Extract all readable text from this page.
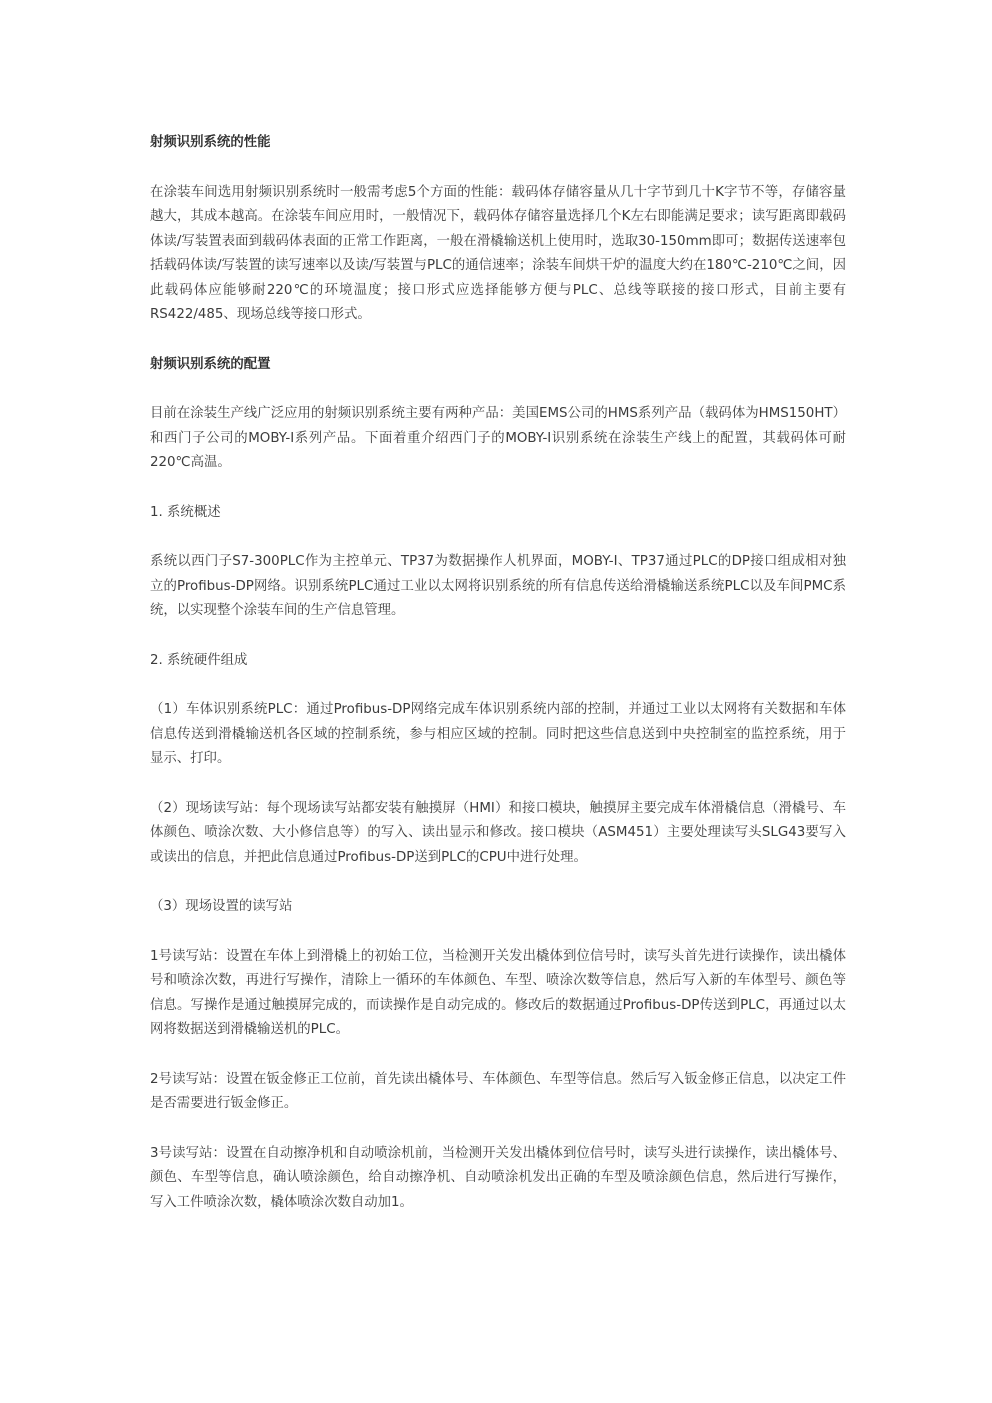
射频识别系统的性能

在涂装车间选用射频识别系统时一般需考虑5个方面的性能：载码体存储容量从几十字节到几十K字节不等，存储容量越大，其成本越高。在涂装车间应用时，一般情况下，载码体存储容量选择几个K左右即能满足要求；读写距离即载码体读/写装置表面到载码体表面的正常工作距离，一般在滑橇输送机上使用时，选取30-150mm即可；数据传送速率包括载码体读/写装置的读写速率以及读/写装置与PLC的通信速率；涂装车间烘干炉的温度大约在180℃-210℃之间，因此载码体应能够耐220℃的环境温度；接口形式应选择能够方便与PLC、总线等联接的接口形式，目前主要有RS422/485、现场总线等接口形式。

射频识别系统的配置

目前在涂装生产线广泛应用的射频识别系统主要有两种产品：美国EMS公司的HMS系列产品（载码体为HMS150HT）和西门子公司的MOBY-I系列产品。下面着重介绍西门子的MOBY-I识别系统在涂装生产线上的配置，其载码体可耐220℃高温。

1. 系统概述

系统以西门子S7-300PLC作为主控单元、TP37为数据操作人机界面，MOBY-I、TP37通过PLC的DP接口组成相对独立的Profibus-DP网络。识别系统PLC通过工业以太网将识别系统的所有信息传送给滑橇输送系统PLC以及车间PMC系统，以实现整个涂装车间的生产信息管理。

2. 系统硬件组成

（1）车体识别系统PLC：通过Profibus-DP网络完成车体识别系统内部的控制，并通过工业以太网将有关数据和车体信息传送到滑橇输送机各区域的控制系统，参与相应区域的控制。同时把这些信息送到中央控制室的监控系统，用于显示、打印。

（2）现场读写站：每个现场读写站都安装有触摸屏（HMI）和接口模块，触摸屏主要完成车体滑橇信息（滑橇号、车体颜色、喷涂次数、大小修信息等）的写入、读出显示和修改。接口模块（ASM451）主要处理读写头SLG43要写入或读出的信息，并把此信息通过Profibus-DP送到PLC的CPU中进行处理。

（3）现场设置的读写站

1号读写站：设置在车体上到滑橇上的初始工位，当检测开关发出橇体到位信号时，读写头首先进行读操作，读出橇体号和喷涂次数，再进行写操作，清除上一循环的车体颜色、车型、喷涂次数等信息，然后写入新的车体型号、颜色等信息。写操作是通过触摸屏完成的，而读操作是自动完成的。修改后的数据通过Profibus-DP传送到PLC，再通过以太网将数据送到滑橇输送机的PLC。

2号读写站：设置在钣金修正工位前，首先读出橇体号、车体颜色、车型等信息。然后写入钣金修正信息，以决定工件是否需要进行钣金修正。

3号读写站：设置在自动擦净机和自动喷涂机前，当检测开关发出橇体到位信号时，读写头进行读操作，读出橇体号、颜色、车型等信息，确认喷涂颜色，给自动擦净机、自动喷涂机发出正确的车型及喷涂颜色信息，然后进行写操作，写入工件喷涂次数，橇体喷涂次数自动加1。
